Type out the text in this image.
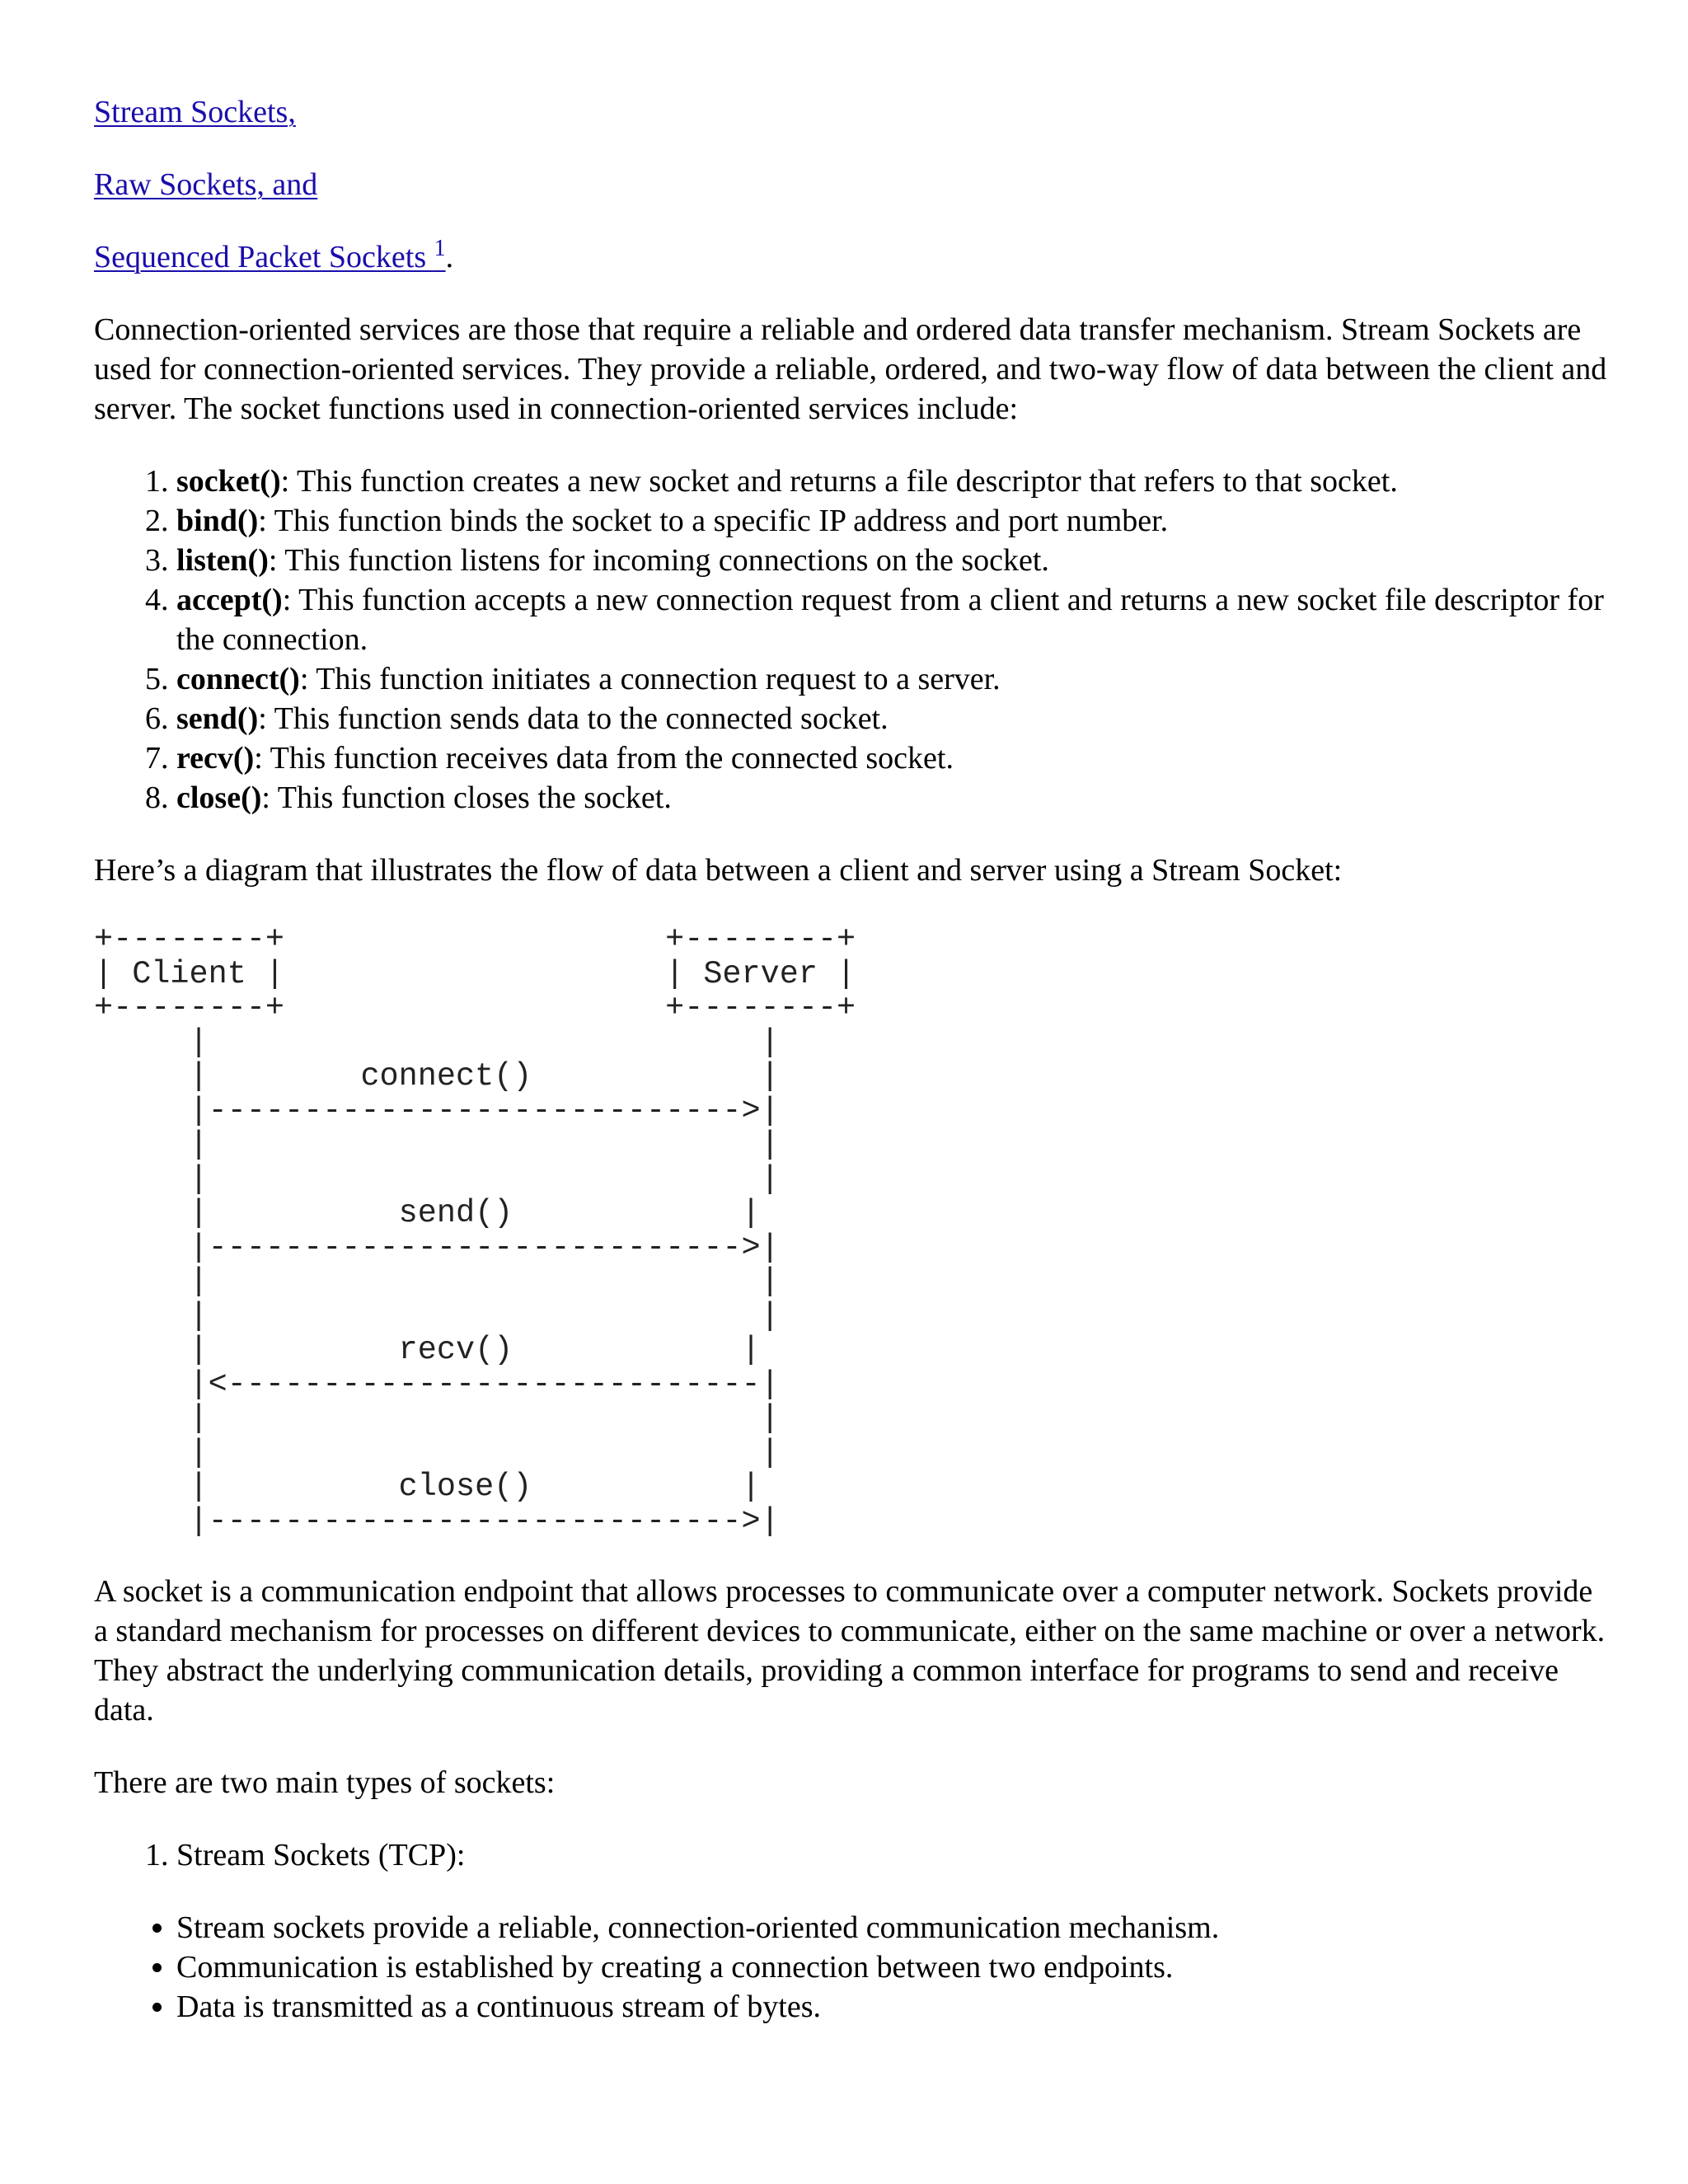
Stream Sockets,
Raw Sockets, and
Sequenced Packet Sockets $^1$.

Connection-oriented services are those that require a reliable and ordered data transfer mechanism. Stream Sockets are used for connection-oriented services. They provide a reliable, ordered, and two-way flow of data between the client and server. The socket functions used in connection-oriented services include:

1. socket(): This function creates a new socket and returns a file descriptor that refers to that socket.
2. bind(): This function binds the socket to a specific IP address and port number.
3. listen(): This function listens for incoming connections on the socket.
4. accept(): This function accepts a new connection request from a client and returns a new socket file descriptor for the connection.
5. connect(): This function initiates a connection request to a server.
6. send(): This function sends data to the connected socket.
7. recv(): This function receives data from the connected socket.
8. close(): This function closes the socket.

Here’s a diagram that illustrates the flow of data between a client and server using a Stream Socket:

+--------+                    +--------+
| Client |                    | Server |
+--------+                    +--------+
|                             |
|        connect()            |
|---------------------------->|
|                             |
|                             |
|          send()            |
|---------------------------->|
|                             |
|                             |
|          recv()            |
|<----------------------------|
|                             |
|                             |
|          close()           |
|---------------------------->|

A socket is a communication endpoint that allows processes to communicate over a computer network. Sockets provide a standard mechanism for processes on different devices to communicate, either on the same machine or over a network. They abstract the underlying communication details, providing a common interface for programs to send and receive data.

There are two main types of sockets:

1. Stream Sockets (TCP):
• Stream sockets provide a reliable, connection-oriented communication mechanism.
• Communication is established by creating a connection between two endpoints.
• Data is transmitted as a continuous stream of bytes.
